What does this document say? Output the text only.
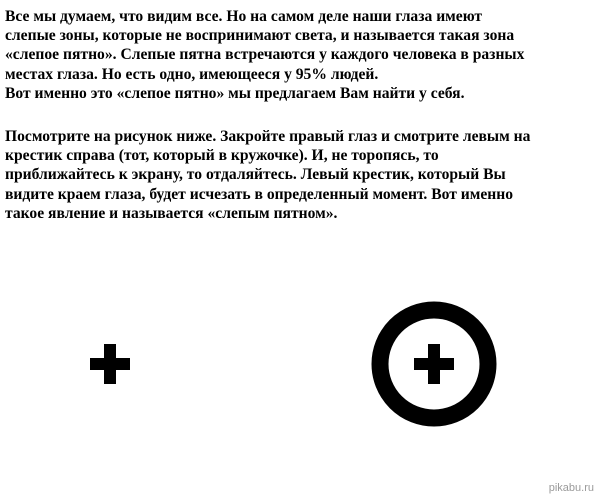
Все мы думаем, что видим все. Но на самом деле наши глаза имеют
слепые зоны, которые не воспринимают света, и называется такая зона
«слепое пятно». Слепые пятна встречаются у каждого человека в разных
местах глаза. Но есть одно, имеющееся у 95% людей.
Вот именно это «слепое пятно» мы предлагаем Вам найти у себя.

Посмотрите на рисунок ниже. Закройте правый глаз и смотрите левым на
крестик справа (тот, который в кружочке). И, не торопясь, то
приближайтесь к экрану, то отдаляйтесь. Левый крестик, который Вы
видите краем глаза, будет исчезать в определенный момент. Вот именно
такое явление и называется «слепым пятном».

pikabu.ru
